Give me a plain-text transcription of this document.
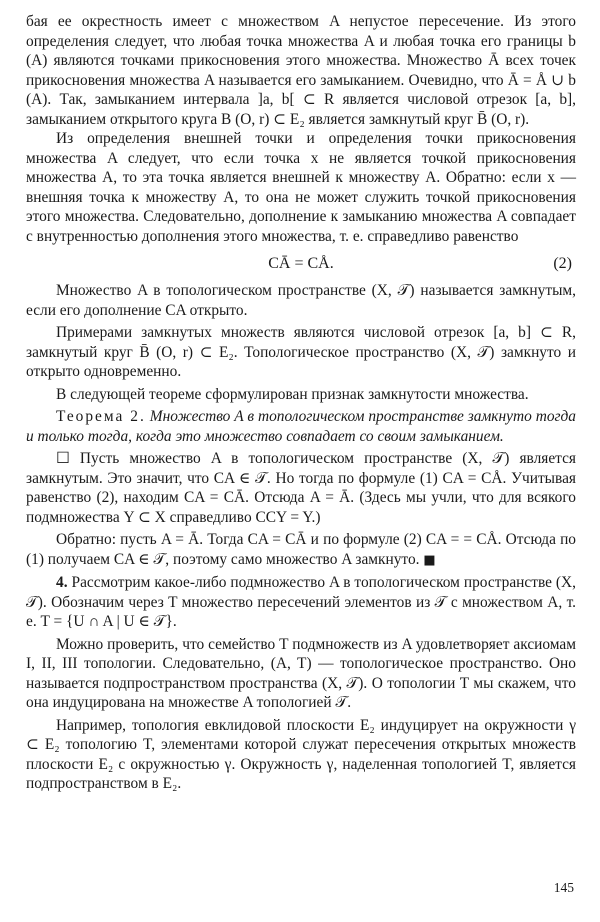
бая ее окрестность имеет с множеством A непустое пересечение. Из этого определения следует, что любая точка множества A и любая точка его границы b (A) являются точками прикосновения этого множества. Множество Ā всех точек прикосновения множества A называется его замыканием. Очевидно, что Ā = Å ∪ b (A). Так, замыканием интервала ]a, b[ ⊂ R является числовой отрезок [a, b], замыканием открытого круга B (O, r) ⊂ E₂ является замкнутый круг B̄ (O, r).

Из определения внешней точки и определения точки прикосновения множества A следует, что если точка x не является точкой прикосновения множества A, то эта точка является внешней к множеству A. Обратно: если x — внешняя точка к множеству A, то она не может служить точкой прикосновения этого множества. Следовательно, дополнение к замыканию множества A совпадает с внутренностью дополнения этого множества, т. е. справедливо равенство

CĀ = CÅ.	(2)

Множество A в топологическом пространстве (X, 𝒯) называется замкнутым, если его дополнение CA открыто.

Примерами замкнутых множеств являются числовой отрезок [a, b] ⊂ R, замкнутый круг B̄ (O, r) ⊂ E₂. Топологическое пространство (X, 𝒯) замкнуто и открыто одновременно.

В следующей теореме сформулирован признак замкнутости множества.

Теорема 2. Множество A в топологическом пространстве замкнуто тогда и только тогда, когда это множество совпадает со своим замыканием.

☐ Пусть множество A в топологическом пространстве (X, 𝒯) является замкнутым. Это значит, что CA ∈ 𝒯. Но тогда по формуле (1) CA = CÅ. Учитывая равенство (2), находим CA = CĀ. Отсюда A = Ā. (Здесь мы учли, что для всякого подмножества Y ⊂ X справедливо CCY = Y.)

Обратно: пусть A = Ā. Тогда CA = CĀ и по формуле (2) CA = = CÅ. Отсюда по (1) получаем CA ∈ 𝒯, поэтому само множество A замкнуто. ■

4. Рассмотрим какое-либо подмножество A в топологическом пространстве (X, 𝒯). Обозначим через T множество пересечений элементов из 𝒯 с множеством A, т. е. T = {U ∩ A | U ∈ 𝒯}.

Можно проверить, что семейство T подмножеств из A удовлетворяет аксиомам I, II, III топологии. Следовательно, (A, T) — топологическое пространство. Оно называется подпространством пространства (X, 𝒯). О топологии T мы скажем, что она индуцирована на множестве A топологией 𝒯.

Например, топология евклидовой плоскости E₂ индуцирует на окружности γ ⊂ E₂ топологию T, элементами которой служат пересечения открытых множеств плоскости E₂ с окружностью γ. Окружность γ, наделенная топологией T, является подпространством в E₂.

145
